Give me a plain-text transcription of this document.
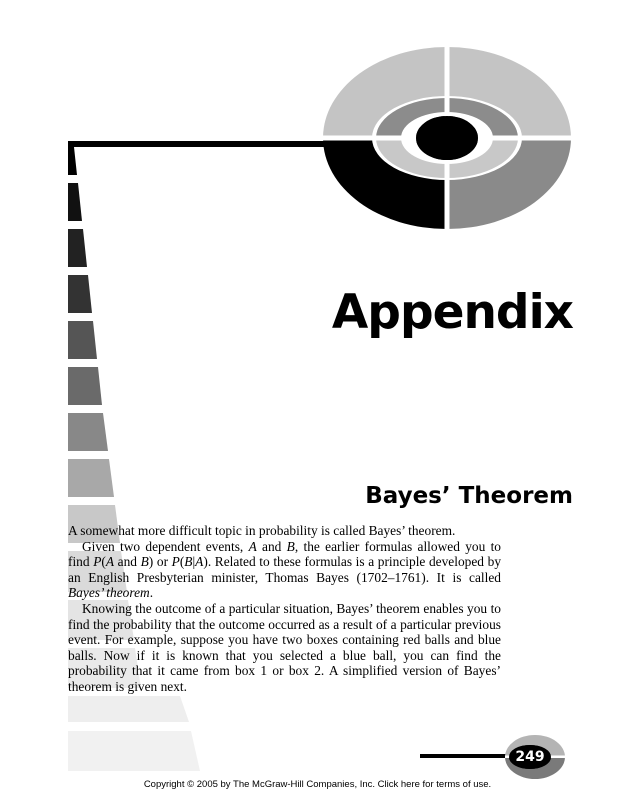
Appendix
Bayes’ Theorem

A somewhat more difficult topic in probability is called Bayes’ theorem.

Given two dependent events, A and B, the earlier formulas allowed you to find P(A and B) or P(B|A). Related to these formulas is a principle developed by an English Presbyterian minister, Thomas Bayes (1702–1761). It is called Bayes’ theorem.

Knowing the outcome of a particular situation, Bayes’ theorem enables you to find the probability that the outcome occurred as a result of a particular previous event. For example, suppose you have two boxes containing red balls and blue balls. Now if it is known that you selected a blue ball, you can find the probability that it came from box 1 or box 2. A simplified version of Bayes’ theorem is given next.

249
Copyright © 2005 by The McGraw-Hill Companies, Inc. Click here for terms of use.
